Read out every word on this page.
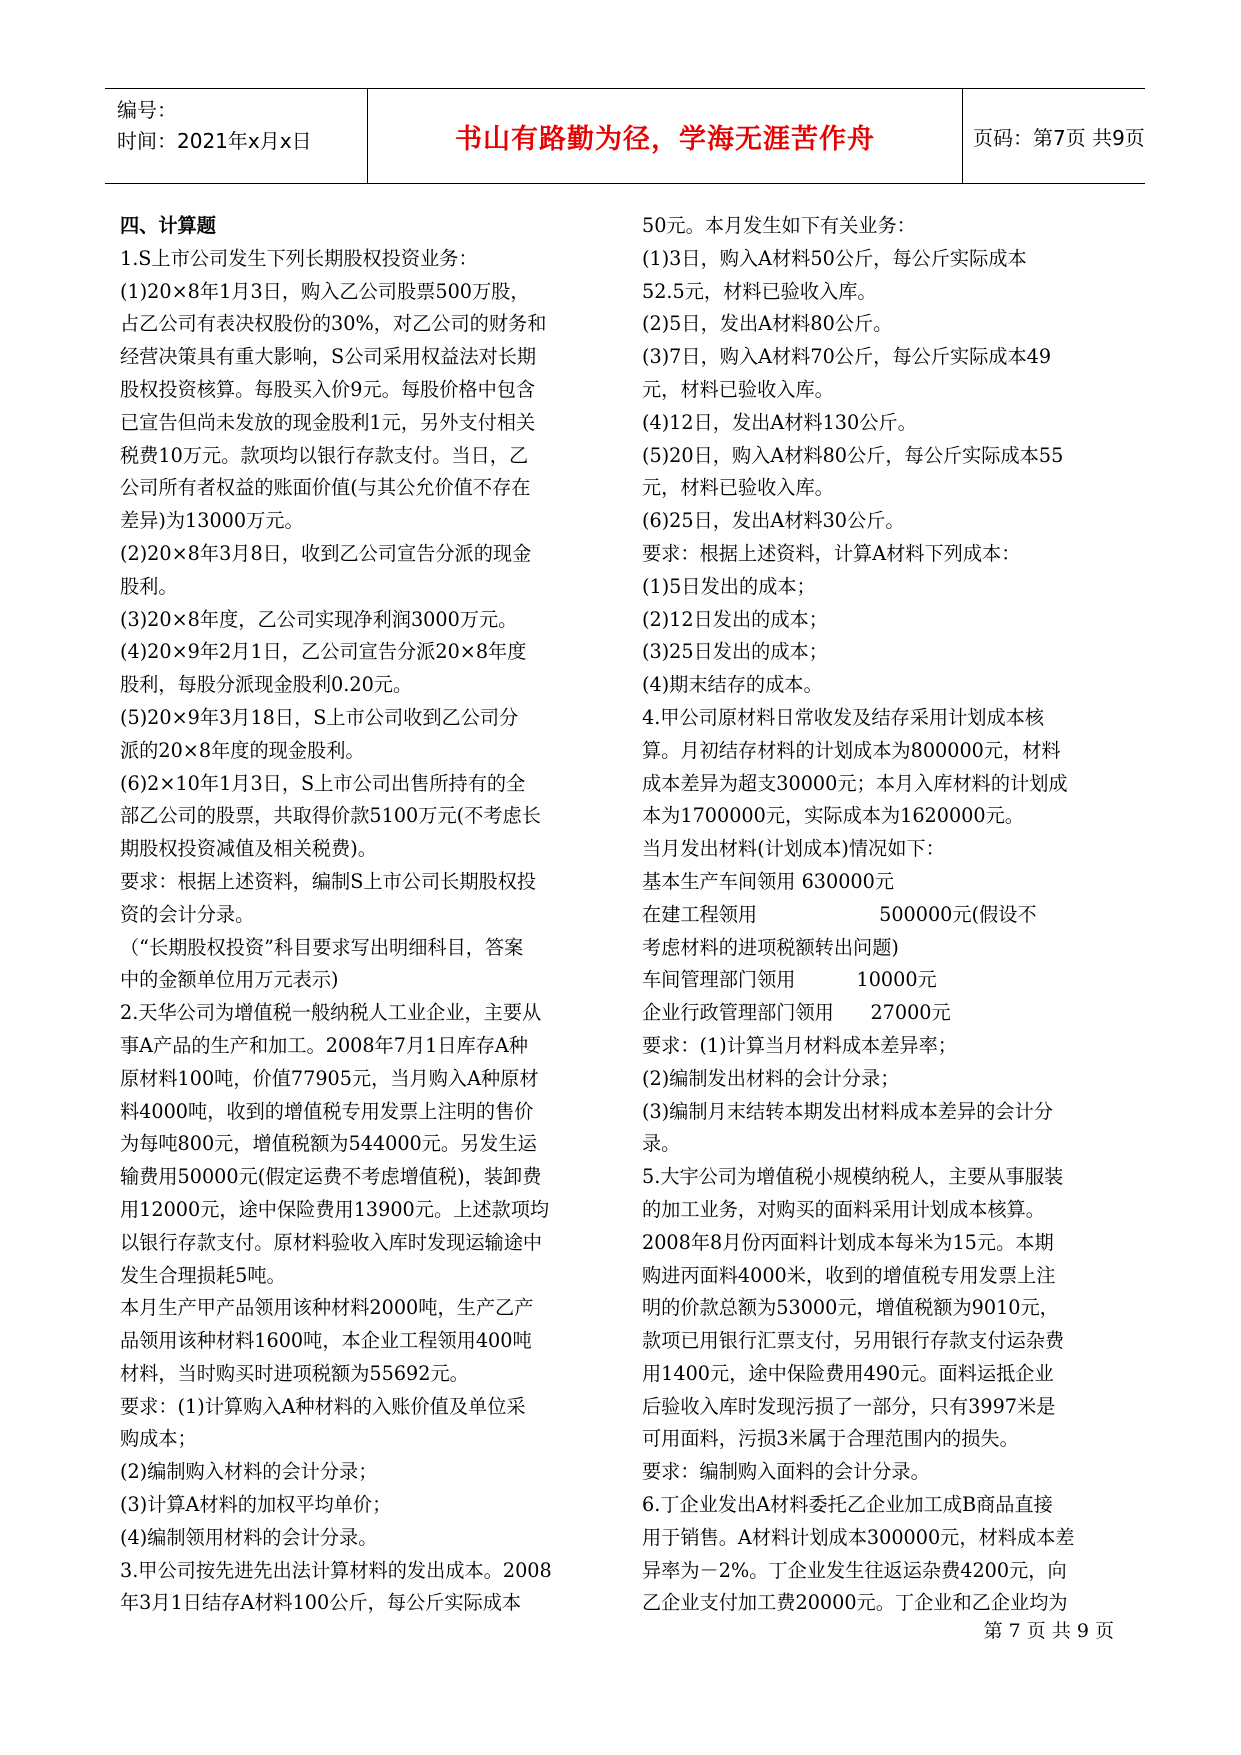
编号：
时间：2021年x月x日	书山有路勤为径，学海无涯苦作舟	页码：第7页 共9页

四、计算题

1.S上市公司发生下列长期股权投资业务：

(1)20×8年1月3日，购入乙公司股票500万股，

占乙公司有表决权股份的30%，对乙公司的财务和

经营决策具有重大影响，S公司采用权益法对长期

股权投资核算。每股买入价9元。每股价格中包含

已宣告但尚未发放的现金股利1元，另外支付相关

税费10万元。款项均以银行存款支付。当日，乙

公司所有者权益的账面价值(与其公允价值不存在

差异)为13000万元。

(2)20×8年3月8日，收到乙公司宣告分派的现金

股利。

(3)20×8年度，乙公司实现净利润3000万元。

(4)20×9年2月1日，乙公司宣告分派20×8年度

股利，每股分派现金股利0.20元。

(5)20×9年3月18日，S上市公司收到乙公司分

派的20×8年度的现金股利。

(6)2×10年1月3日，S上市公司出售所持有的全

部乙公司的股票，共取得价款5100万元(不考虑长

期股权投资减值及相关税费)。

要求：根据上述资料，编制S上市公司长期股权投

资的会计分录。

（“长期股权投资”科目要求写出明细科目，答案

中的金额单位用万元表示)

2.天华公司为增值税一般纳税人工业企业，主要从

事A产品的生产和加工。2008年7月1日库存A种

原材料100吨，价值77905元，当月购入A种原材

料4000吨，收到的增值税专用发票上注明的售价

为每吨800元，增值税额为544000元。另发生运

输费用50000元(假定运费不考虑增值税)，装卸费

用12000元，途中保险费用13900元。上述款项均

以银行存款支付。原材料验收入库时发现运输途中

发生合理损耗5吨。

本月生产甲产品领用该种材料2000吨，生产乙产

品领用该种材料1600吨，本企业工程领用400吨

材料，当时购买时进项税额为55692元。

要求：(1)计算购入A种材料的入账价值及单位采

购成本；

(2)编制购入材料的会计分录；

(3)计算A材料的加权平均单价；

(4)编制领用材料的会计分录。

3.甲公司按先进先出法计算材料的发出成本。2008

年3月1日结存A材料100公斤，每公斤实际成本

50元。本月发生如下有关业务：

(1)3日，购入A材料50公斤，每公斤实际成本

52.5元，材料已验收入库。

(2)5日，发出A材料80公斤。

(3)7日，购入A材料70公斤，每公斤实际成本49

元，材料已验收入库。

(4)12日，发出A材料130公斤。

(5)20日，购入A材料80公斤，每公斤实际成本55

元，材料已验收入库。

(6)25日，发出A材料30公斤。

要求：根据上述资料，计算A材料下列成本：

(1)5日发出的成本；

(2)12日发出的成本；

(3)25日发出的成本；

(4)期末结存的成本。

4.甲公司原材料日常收发及结存采用计划成本核

算。月初结存材料的计划成本为800000元，材料

成本差异为超支30000元；本月入库材料的计划成

本为1700000元，实际成本为1620000元。

当月发出材料(计划成本)情况如下：

基本生产车间领用 630000元

在建工程领用                    500000元(假设不

考虑材料的进项税额转出问题)

车间管理部门领用          10000元

企业行政管理部门领用      27000元

要求：(1)计算当月材料成本差异率；

(2)编制发出材料的会计分录；

(3)编制月末结转本期发出材料成本差异的会计分

录。

5.大宇公司为增值税小规模纳税人，主要从事服装

的加工业务，对购买的面料采用计划成本核算。

2008年8月份丙面料计划成本每米为15元。本期

购进丙面料4000米，收到的增值税专用发票上注

明的价款总额为53000元，增值税额为9010元，

款项已用银行汇票支付，另用银行存款支付运杂费

用1400元，途中保险费用490元。面料运抵企业

后验收入库时发现污损了一部分，只有3997米是

可用面料，污损3米属于合理范围内的损失。

要求：编制购入面料的会计分录。

6.丁企业发出A材料委托乙企业加工成B商品直接

用于销售。A材料计划成本300000元，材料成本差

异率为－2%。丁企业发生往返运杂费4200元，向

乙企业支付加工费20000元。丁企业和乙企业均为

第 7 页 共 9 页
